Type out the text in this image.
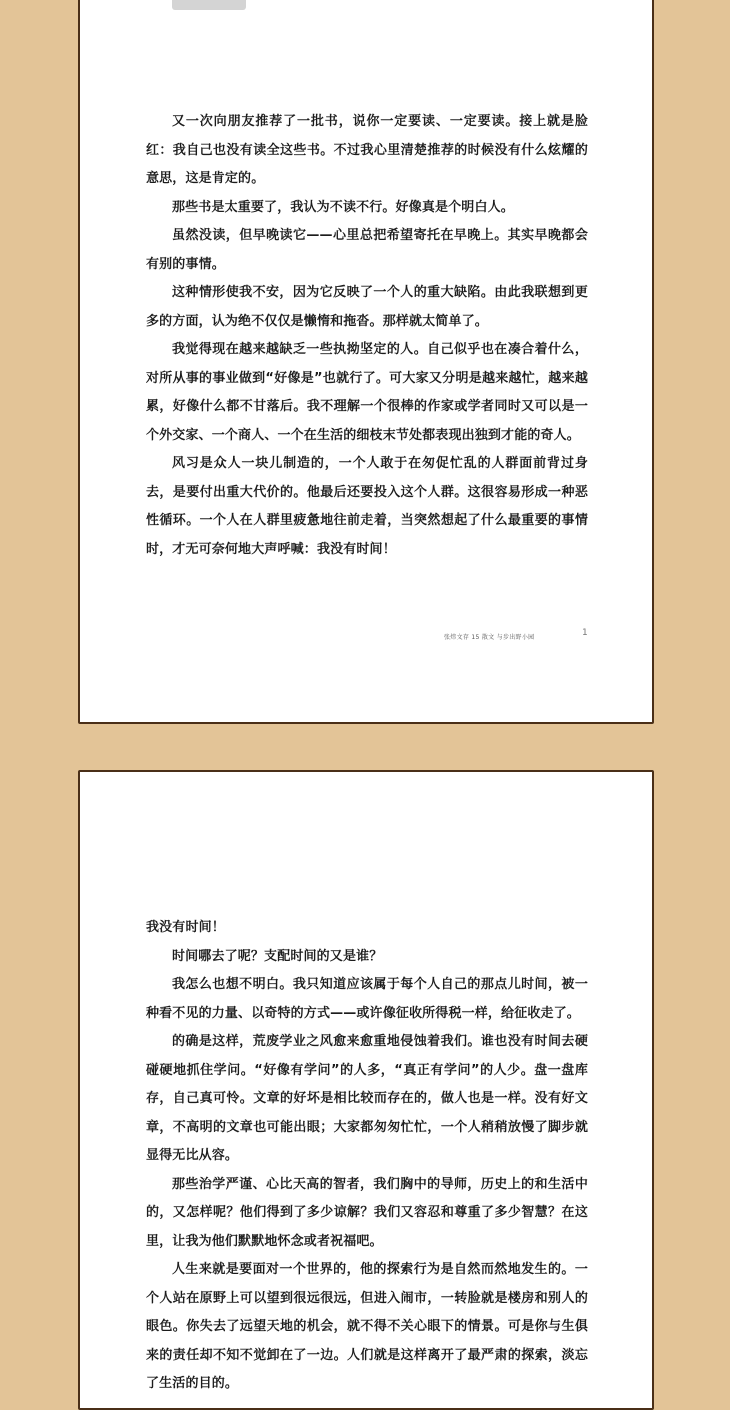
又一次向朋友推荐了一批书，说你一定要读、一定要读。接上就是脸红：我自己也没有读全这些书。不过我心里清楚推荐的时候没有什么炫耀的意思，这是肯定的。

那些书是太重要了，我认为不读不行。好像真是个明白人。

虽然没读，但早晚读它——心里总把希望寄托在早晚上。其实早晚都会有别的事情。

这种情形使我不安，因为它反映了一个人的重大缺陷。由此我联想到更多的方面，认为绝不仅仅是懒惰和拖沓。那样就太简单了。

我觉得现在越来越缺乏一些执拗坚定的人。自己似乎也在凑合着什么，对所从事的事业做到“好像是”也就行了。可大家又分明是越来越忙，越来越累，好像什么都不甘落后。我不理解一个很棒的作家或学者同时又可以是一个外交家、一个商人、一个在生活的细枝末节处都表现出独到才能的奇人。

风习是众人一块儿制造的，一个人敢于在匆促忙乱的人群面前背过身去，是要付出重大代价的。他最后还要投入这个人群。这很容易形成一种恶性循环。一个人在人群里疲惫地往前走着，当突然想起了什么最重要的事情时，才无可奈何地大声呼喊：我没有时间！

张炜文存 15 散文 与步出野小园	1

我没有时间！

时间哪去了呢？支配时间的又是谁？

我怎么也想不明白。我只知道应该属于每个人自己的那点儿时间，被一种看不见的力量、以奇特的方式——或许像征收所得税一样，给征收走了。

的确是这样，荒废学业之风愈来愈重地侵蚀着我们。谁也没有时间去硬碰硬地抓住学问。“好像有学问”的人多，“真正有学问”的人少。盘一盘库存，自己真可怜。文章的好坏是相比较而存在的，做人也是一样。没有好文章，不高明的文章也可能出眼；大家都匆匆忙忙，一个人稍稍放慢了脚步就显得无比从容。

那些治学严谨、心比天高的智者，我们胸中的导师，历史上的和生活中的，又怎样呢？他们得到了多少谅解？我们又容忍和尊重了多少智慧？在这里，让我为他们默默地怀念或者祝福吧。

人生来就是要面对一个世界的，他的探索行为是自然而然地发生的。一个人站在原野上可以望到很远很远，但进入闹市，一转脸就是楼房和别人的眼色。你失去了远望天地的机会，就不得不关心眼下的情景。可是你与生俱来的责任却不知不觉卸在了一边。人们就是这样离开了最严肃的探索，淡忘了生活的目的。
